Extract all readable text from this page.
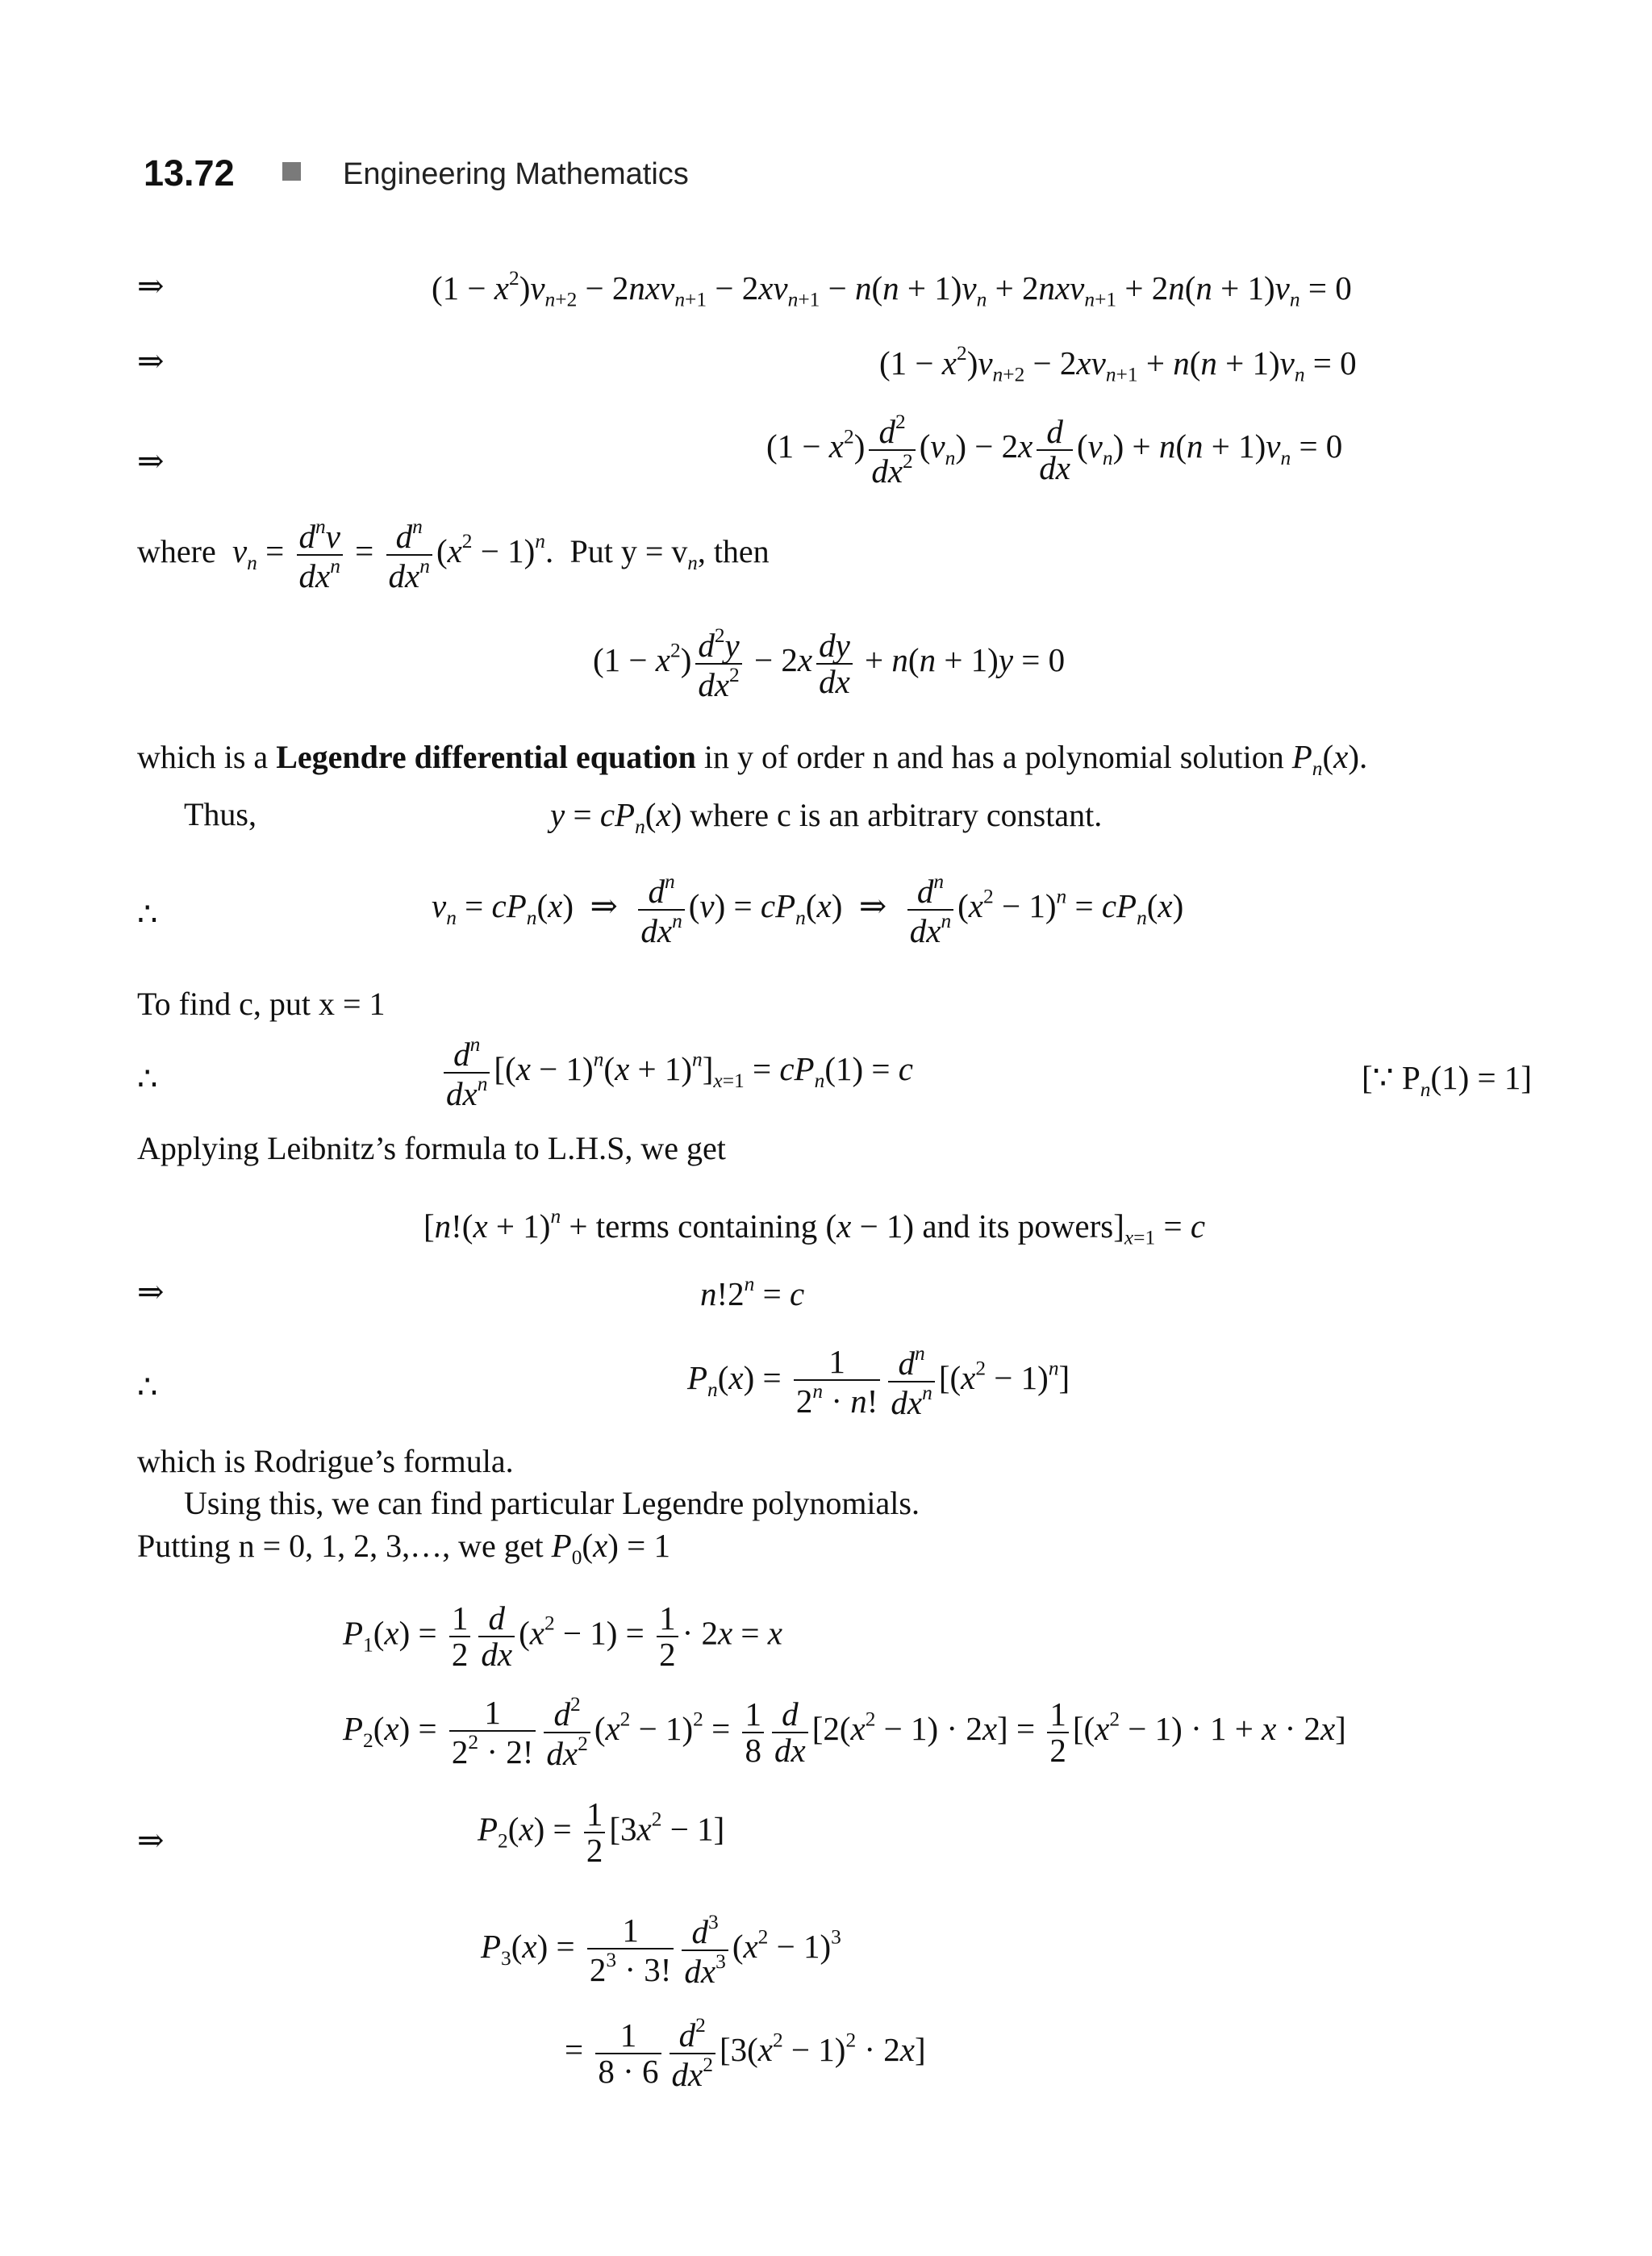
13.72	Engineering Mathematics
⇒	$(1 - x^2)v_{n+2} - 2nxv_{n+1} - 2xv_{n+1} - n(n + 1)v_n + 2nxv_{n+1} + 2n(n + 1)v_n = 0$
⇒	$(1 - x^2)v_{n+2} - 2xv_{n+1} + n(n + 1)v_n = 0$
⇒	$(1 - x^2) \frac{d^2}{dx^2} (v_n) - 2x \frac{d}{dx} (v_n) + n(n + 1)v_n = 0$
where $v_n = \frac{d^nv}{dx^n} = \frac{d^n}{dx^n} (x^2 - 1)^n$.  Put $y = v_n$, then
$(1 - x^2) \frac{d^2y}{dx^2} - 2x \frac{dy}{dx} + n(n + 1)y = 0$
which is a Legendre differential equation in y of order n and has a polynomial solution $P_n(x)$.
Thus,	$y = cP_n(x)$ where c is an arbitrary constant.
∴	$v_n = cP_n(x)$  ⇒ $\frac{d^n}{dx^n} (v) = cP_n(x)$  ⇒ $\frac{d^n}{dx^n} (x^2 - 1)^n = cP_n(x)$
To find c, put x = 1
∴	$\frac{d^n}{dx^n} [(x - 1)^n(x + 1)^n]_{x=1} = cP_n(1) = c$	[∵ $P_n(1) = 1$]
Applying Leibnitz’s formula to L.H.S, we get
[$n!(x + 1)^n$ + terms containing (x − 1) and its $powers]_{x=1} = c$
⇒	$n!2^n = c$
∴	$P_n(x) = \frac{1}{2^n \cdot n!} \frac{d^n}{dx^n} [(x^2 - 1)^n]$
which is Rodrigue’s formula.
Using this, we can find particular Legendre polynomials.
Putting n = 0, 1, 2, 3,…, we get $P_0(x) = 1$
$P_1(x) = \frac{1}{2} \frac{d}{dx} (x^2 - 1) = \frac{1}{2} \cdot 2x = x$
$P_2(x) = \frac{1}{2^2 \cdot 2!} \frac{d^2}{dx^2} (x^2 - 1)^2 = \frac{1}{8} \frac{d}{dx} [2(x^2 - 1) \cdot 2x] = \frac{1}{2} [(x^2 - 1) \cdot 1 + x \cdot 2x]$
⇒	$P_2(x) = \frac{1}{2} [3x^2 - 1]$
$P_3(x) = \frac{1}{2^3 \cdot 3!} \frac{d^3}{dx^3} (x^2 - 1)^3$
= $\frac{1}{8 \cdot 6} \frac{d^2}{dx^2} [3(x^2 - 1)^2 \cdot 2x]$
